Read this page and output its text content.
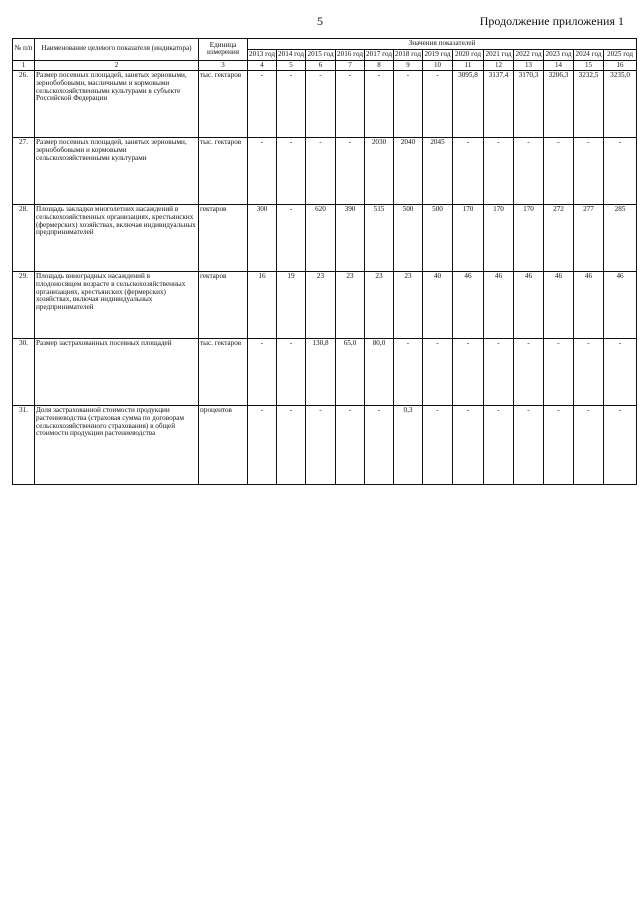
5	Продолжение приложения 1
№ п/п	Наименование целевого показателя (индикатора)	Единица измерения	Значения показателей												
			2013 год	2014 год	2015 год	2016 год	2017 год	2018 год	2019 год	2020 год	2021 год	2022 год	2023 год	2024 год	2025 год
1	2	3	4	5	6	7	8	9	10	11	12	13	14	15	16
26.	Размер посевных площадей, занятых зерновыми, зернобобовыми, масличными и кормовыми сельскохозяйственными культурами в субъекте Российской Федерации	тыс. гектаров	-	-	-	-	-	-	-	3095,8	3137,4	3170,3	3206,3	3232,5	3235,0
27.	Размер посевных площадей, занятых зерновыми, зернобобовыми и кормовыми сельскохозяйственными культурами	тыс. гектаров	-	-	-	-	2030	2040	2045	-	-	-	-	-	-
28.	Площадь закладки многолетних насаждений в сельскохозяйственных организациях, крестьянских (фермерских) хозяйствах, включая индивидуальных предпринимателей	гектаров	300	-	620	390	515	500	500	170	170	170	272	277	285
29.	Площадь виноградных насаждений в плодоносящем возрасте в сельскохозяйственных организациях, крестьянских (фермерских) хозяйствах, включая индивидуальных предпринимателей	гектаров	16	19	23	23	23	23	40	46	46	46	46	46	46
30.	Размер застрахованных посевных площадей	тыс. гектаров	-	-	130,8	65,0	80,0	-	-	-	-	-	-	-	-
31.	Доля застрахованной стоимости продукции растениеводства (страховая сумма по договорам сельскохозяйственного страхования) в общей стоимости продукции растениеводства	процентов	-	-	-	-	-	0,3	-	-	-	-	-	-	-
